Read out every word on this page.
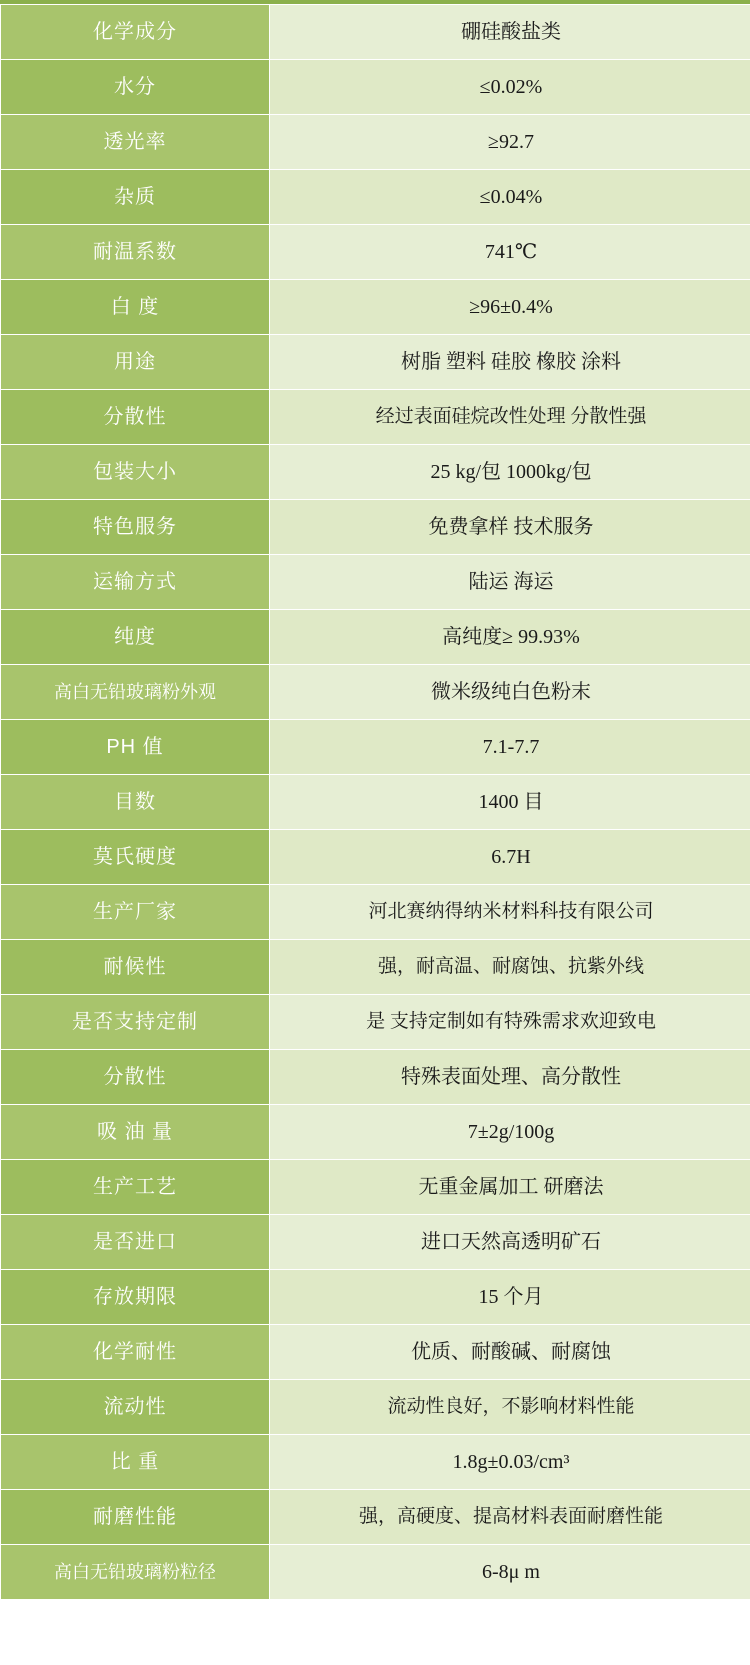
化学成分	硼硅酸盐类

水分	≤0.02%

透光率	≥92.7

杂质	≤0.04%

耐温系数	741℃

白 度	≥96±0.4%

用途	树脂 塑料 硅胶 橡胶 涂料

分散性	经过表面硅烷改性处理 分散性强

包装大小	25 kg/包 1000kg/包

特色服务	免费拿样 技术服务

运输方式	陆运 海运

纯度	高纯度≥ 99.93%

高白无铅玻璃粉外观	微米级纯白色粉末

PH 值	7.1-7.7

目数	1400 目

莫氏硬度	6.7H

生产厂家	河北赛纳得纳米材料科技有限公司

耐候性	强，耐高温、耐腐蚀、抗紫外线

是否支持定制	是 支持定制如有特殊需求欢迎致电

分散性	特殊表面处理、高分散性

吸 油 量	7±2g/100g

生产工艺	无重金属加工 研磨法

是否进口	进口天然高透明矿石

存放期限	15 个月

化学耐性	优质、耐酸碱、耐腐蚀

流动性	流动性良好，不影响材料性能

比 重	1.8g±0.03/cm³

耐磨性能	强，高硬度、提高材料表面耐磨性能

高白无铅玻璃粉粒径	6-8μ m
